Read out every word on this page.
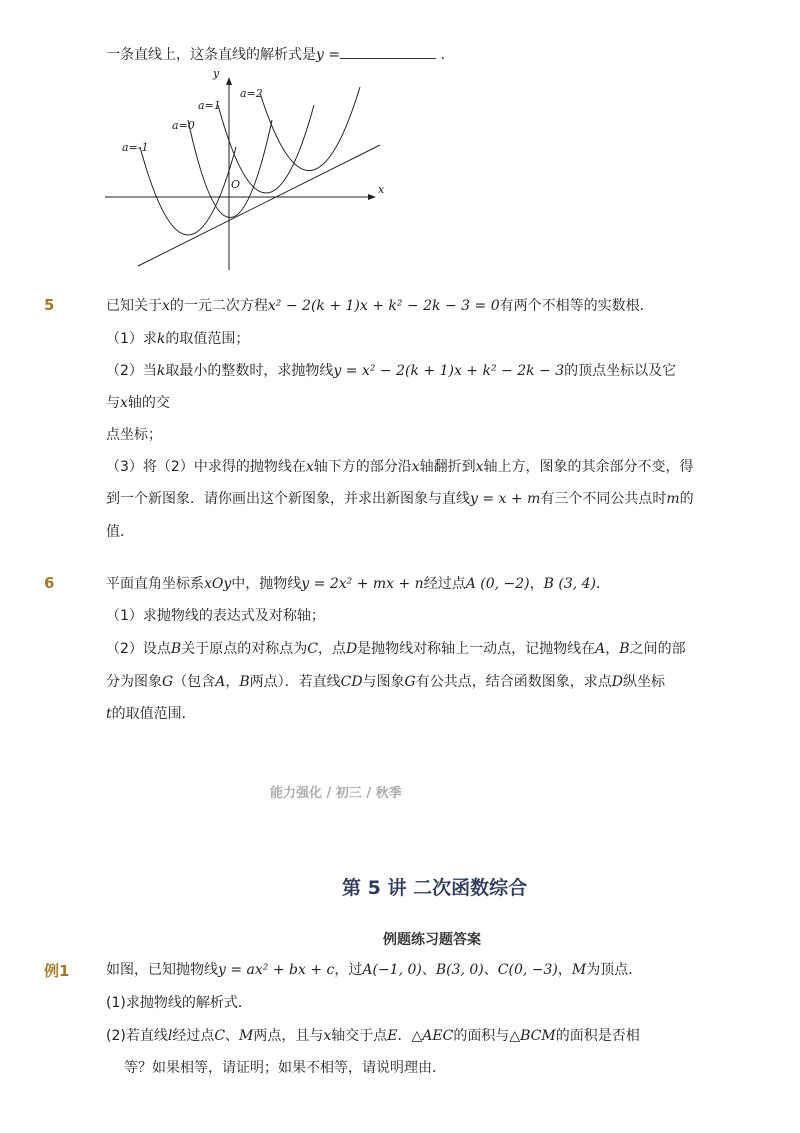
一条直线上，这条直线的解析式是y =	.
y
x
O
a=-1
a=0
a=1
a=2
5	已知关于x的一元二次方程x² − 2(k + 1)x + k² − 2k − 3 = 0有两个不相等的实数根．
（1）求k的取值范围；
（2）当k取最小的整数时，求抛物线y = x² − 2(k + 1)x + k² − 2k − 3的顶点坐标以及它
与x轴的交
点坐标；
（3）将（2）中求得的抛物线在x轴下方的部分沿x轴翻折到x轴上方，图象的其余部分不变，得
到一个新图象．请你画出这个新图象，并求出新图象与直线y = x + m有三个不同公共点时m的
值．
6	平面直角坐标系xOy中，抛物线y = 2x² + mx + n经过点A (0, −2)，B (3, 4)．
（1）求抛物线的表达式及对称轴；
（2）设点B关于原点的对称点为C，点D是抛物线对称轴上一动点，记抛物线在A，B之间的部
分为图象G（包含A，B两点）．若直线CD与图象G有公共点，结合函数图象，求点D纵坐标
t的取值范围．
能力强化 / 初三 / 秋季
第 5 讲 二次函数综合
例题练习题答案
例1	如图，已知抛物线y = ax² + bx + c，过A(−1, 0)、B(3, 0)、C(0, −3)，M为顶点．
(1)求抛物线的解析式．
(2)若直线l经过点C、M两点，且与x轴交于点E．△AEC的面积与△BCM的面积是否相
等？如果相等，请证明；如果不相等，请说明理由．
